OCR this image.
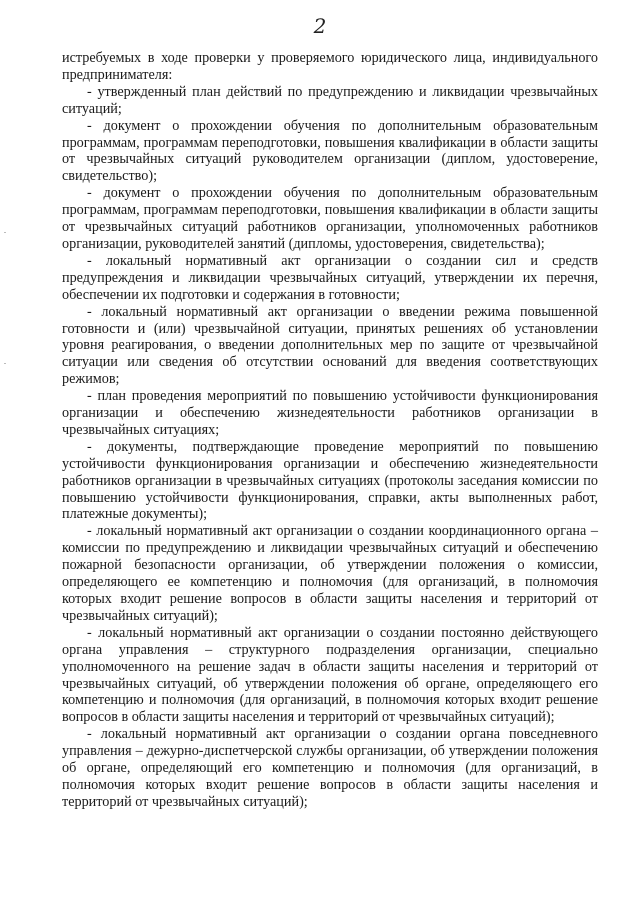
2

истребуемых в ходе проверки у проверяемого юридического лица, индивидуального предпринимателя:

- утвержденный план действий по предупреждению и ликвидации чрезвычайных ситуаций;

- документ о прохождении обучения по дополнительным образовательным программам, программам переподготовки, повышения квалификации в области защиты от чрезвычайных ситуаций руководителем организации (диплом, удостоверение, свидетельство);

- документ о прохождении обучения по дополнительным образовательным программам, программам переподготовки, повышения квалификации в области защиты от чрезвычайных ситуаций работников организации, уполномоченных работников организации, руководителей занятий (дипломы, удостоверения, свидетельства);

- локальный нормативный акт организации о создании сил и средств предупреждения и ликвидации чрезвычайных ситуаций, утверждении их перечня, обеспечении их подготовки и содержания в готовности;

- локальный нормативный акт организации о введении режима повышенной готовности и (или) чрезвычайной ситуации, принятых решениях об установлении уровня реагирования, о введении дополнительных мер по защите от чрезвычайной ситуации или сведения об отсутствии оснований для введения соответствующих режимов;

- план проведения мероприятий по повышению устойчивости функционирования организации и обеспечению жизнедеятельности работников организации в чрезвычайных ситуациях;

- документы, подтверждающие проведение мероприятий по повышению устойчивости функционирования организации и обеспечению жизнедеятельности работников организации в чрезвычайных ситуациях (протоколы заседания комиссии по повышению устойчивости функционирования, справки, акты выполненных работ, платежные документы);

- локальный нормативный акт организации о создании координационного органа – комиссии по предупреждению и ликвидации чрезвычайных ситуаций и обеспечению пожарной безопасности организации, об утверждении положения о комиссии, определяющего ее компетенцию и полномочия (для организаций, в полномочия которых входит решение вопросов в области защиты населения и территорий от чрезвычайных ситуаций);

- локальный нормативный акт организации о создании постоянно действующего органа управления – структурного подразделения организации, специально уполномоченного на решение задач в области защиты населения и территорий от чрезвычайных ситуаций, об утверждении положения об органе, определяющего его компетенцию и полномочия (для организаций, в полномочия которых входит решение вопросов в области защиты населения и территорий от чрезвычайных ситуаций);

- локальный нормативный акт организации о создании органа повседневного управления – дежурно-диспетчерской службы организации, об утверждении положения об органе, определяющий его компетенцию и полномочия (для организаций, в полномочия которых входит решение вопросов в области защиты населения и территорий от чрезвычайных ситуаций);
